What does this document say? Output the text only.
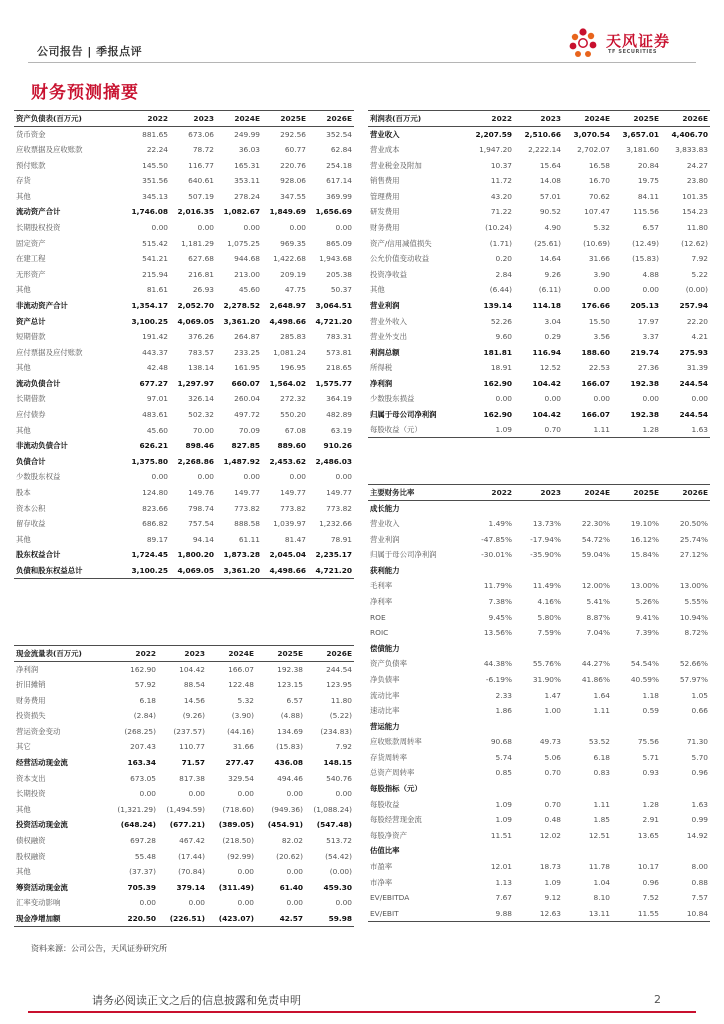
公司报告 | 季报点评
天风证券
TF SECURITIES
财务预测摘要
资产负债表(百万元)	2022	2023	2024E	2025E	2026E
货币资金	881.65	673.06	249.99	292.56	352.54
应收票据及应收账款	22.24	78.72	36.03	60.77	62.84
预付账款	145.50	116.77	165.31	220.76	254.18
存货	351.56	640.61	353.11	928.06	617.14
其他	345.13	507.19	278.24	347.55	369.99
流动资产合计	1,746.08	2,016.35	1,082.67	1,849.69	1,656.69
长期股权投资	0.00	0.00	0.00	0.00	0.00
固定资产	515.42	1,181.29	1,075.25	969.35	865.09
在建工程	541.21	627.68	944.68	1,422.68	1,943.68
无形资产	215.94	216.81	213.00	209.19	205.38
其他	81.61	26.93	45.60	47.75	50.37
非流动资产合计	1,354.17	2,052.70	2,278.52	2,648.97	3,064.51
资产总计	3,100.25	4,069.05	3,361.20	4,498.66	4,721.20
短期借款	191.42	376.26	264.87	285.83	783.31
应付票据及应付账款	443.37	783.57	233.25	1,081.24	573.81
其他	42.48	138.14	161.95	196.95	218.65
流动负债合计	677.27	1,297.97	660.07	1,564.02	1,575.77
长期借款	97.01	326.14	260.04	272.32	364.19
应付债券	483.61	502.32	497.72	550.20	482.89
其他	45.60	70.00	70.09	67.08	63.19
非流动负债合计	626.21	898.46	827.85	889.60	910.26
负债合计	1,375.80	2,268.86	1,487.92	2,453.62	2,486.03
少数股东权益	0.00	0.00	0.00	0.00	0.00
股本	124.80	149.76	149.77	149.77	149.77
资本公积	823.66	798.74	773.82	773.82	773.82
留存收益	686.82	757.54	888.58	1,039.97	1,232.66
其他	89.17	94.14	61.11	81.47	78.91
股东权益合计	1,724.45	1,800.20	1,873.28	2,045.04	2,235.17
负债和股东权益总计	3,100.25	4,069.05	3,361.20	4,498.66	4,721.20
利润表(百万元)	2022	2023	2024E	2025E	2026E
营业收入	2,207.59	2,510.66	3,070.54	3,657.01	4,406.70
营业成本	1,947.20	2,222.14	2,702.07	3,181.60	3,833.83
营业税金及附加	10.37	15.64	16.58	20.84	24.27
销售费用	11.72	14.08	16.70	19.75	23.80
管理费用	43.20	57.01	70.62	84.11	101.35
研发费用	71.22	90.52	107.47	115.56	154.23
财务费用	(10.24)	4.90	5.32	6.57	11.80
资产/信用减值损失	(1.71)	(25.61)	(10.69)	(12.49)	(12.62)
公允价值变动收益	0.20	14.64	31.66	(15.83)	7.92
投资净收益	2.84	9.26	3.90	4.88	5.22
其他	(6.44)	(6.11)	0.00	0.00	(0.00)
营业利润	139.14	114.18	176.66	205.13	257.94
营业外收入	52.26	3.04	15.50	17.97	22.20
营业外支出	9.60	0.29	3.56	3.37	4.21
利润总额	181.81	116.94	188.60	219.74	275.93
所得税	18.91	12.52	22.53	27.36	31.39
净利润	162.90	104.42	166.07	192.38	244.54
少数股东损益	0.00	0.00	0.00	0.00	0.00
归属于母公司净利润	162.90	104.42	166.07	192.38	244.54
每股收益（元）	1.09	0.70	1.11	1.28	1.63
主要财务比率	2022	2023	2024E	2025E	2026E
成长能力					
营业收入	1.49%	13.73%	22.30%	19.10%	20.50%
营业利润	-47.85%	-17.94%	54.72%	16.12%	25.74%
归属于母公司净利润	-30.01%	-35.90%	59.04%	15.84%	27.12%
获利能力					
毛利率	11.79%	11.49%	12.00%	13.00%	13.00%
净利率	7.38%	4.16%	5.41%	5.26%	5.55%
ROE	9.45%	5.80%	8.87%	9.41%	10.94%
ROIC	13.56%	7.59%	7.04%	7.39%	8.72%
偿债能力					
资产负债率	44.38%	55.76%	44.27%	54.54%	52.66%
净负债率	-6.19%	31.90%	41.86%	40.59%	57.97%
流动比率	2.33	1.47	1.64	1.18	1.05
速动比率	1.86	1.00	1.11	0.59	0.66
营运能力					
应收账款周转率	90.68	49.73	53.52	75.56	71.30
存货周转率	5.74	5.06	6.18	5.71	5.70
总资产周转率	0.85	0.70	0.83	0.93	0.96
每股指标（元）					
每股收益	1.09	0.70	1.11	1.28	1.63
每股经营现金流	1.09	0.48	1.85	2.91	0.99
每股净资产	11.51	12.02	12.51	13.65	14.92
估值比率					
市盈率	12.01	18.73	11.78	10.17	8.00
市净率	1.13	1.09	1.04	0.96	0.88
EV/EBITDA	7.67	9.12	8.10	7.52	7.57
EV/EBIT	9.88	12.63	13.11	11.55	10.84
现金流量表(百万元)	2022	2023	2024E	2025E	2026E
净利润	162.90	104.42	166.07	192.38	244.54
折旧摊销	57.92	88.54	122.48	123.15	123.95
财务费用	6.18	14.56	5.32	6.57	11.80
投资损失	(2.84)	(9.26)	(3.90)	(4.88)	(5.22)
营运资金变动	(268.25)	(237.57)	(44.16)	134.69	(234.83)
其它	207.43	110.77	31.66	(15.83)	7.92
经营活动现金流	163.34	71.57	277.47	436.08	148.15
资本支出	673.05	817.38	329.54	494.46	540.76
长期投资	0.00	0.00	0.00	0.00	0.00
其他	(1,321.29)	(1,494.59)	(718.60)	(949.36)	(1,088.24)
投资活动现金流	(648.24)	(677.21)	(389.05)	(454.91)	(547.48)
债权融资	697.28	467.42	(218.50)	82.02	513.72
股权融资	55.48	(17.44)	(92.99)	(20.62)	(54.42)
其他	(37.37)	(70.84)	0.00	0.00	(0.00)
筹资活动现金流	705.39	379.14	(311.49)	61.40	459.30
汇率变动影响	0.00	0.00	0.00	0.00	0.00
现金净增加额	220.50	(226.51)	(423.07)	42.57	59.98
资料来源：公司公告，天风证券研究所
请务必阅读正文之后的信息披露和免责申明	2
